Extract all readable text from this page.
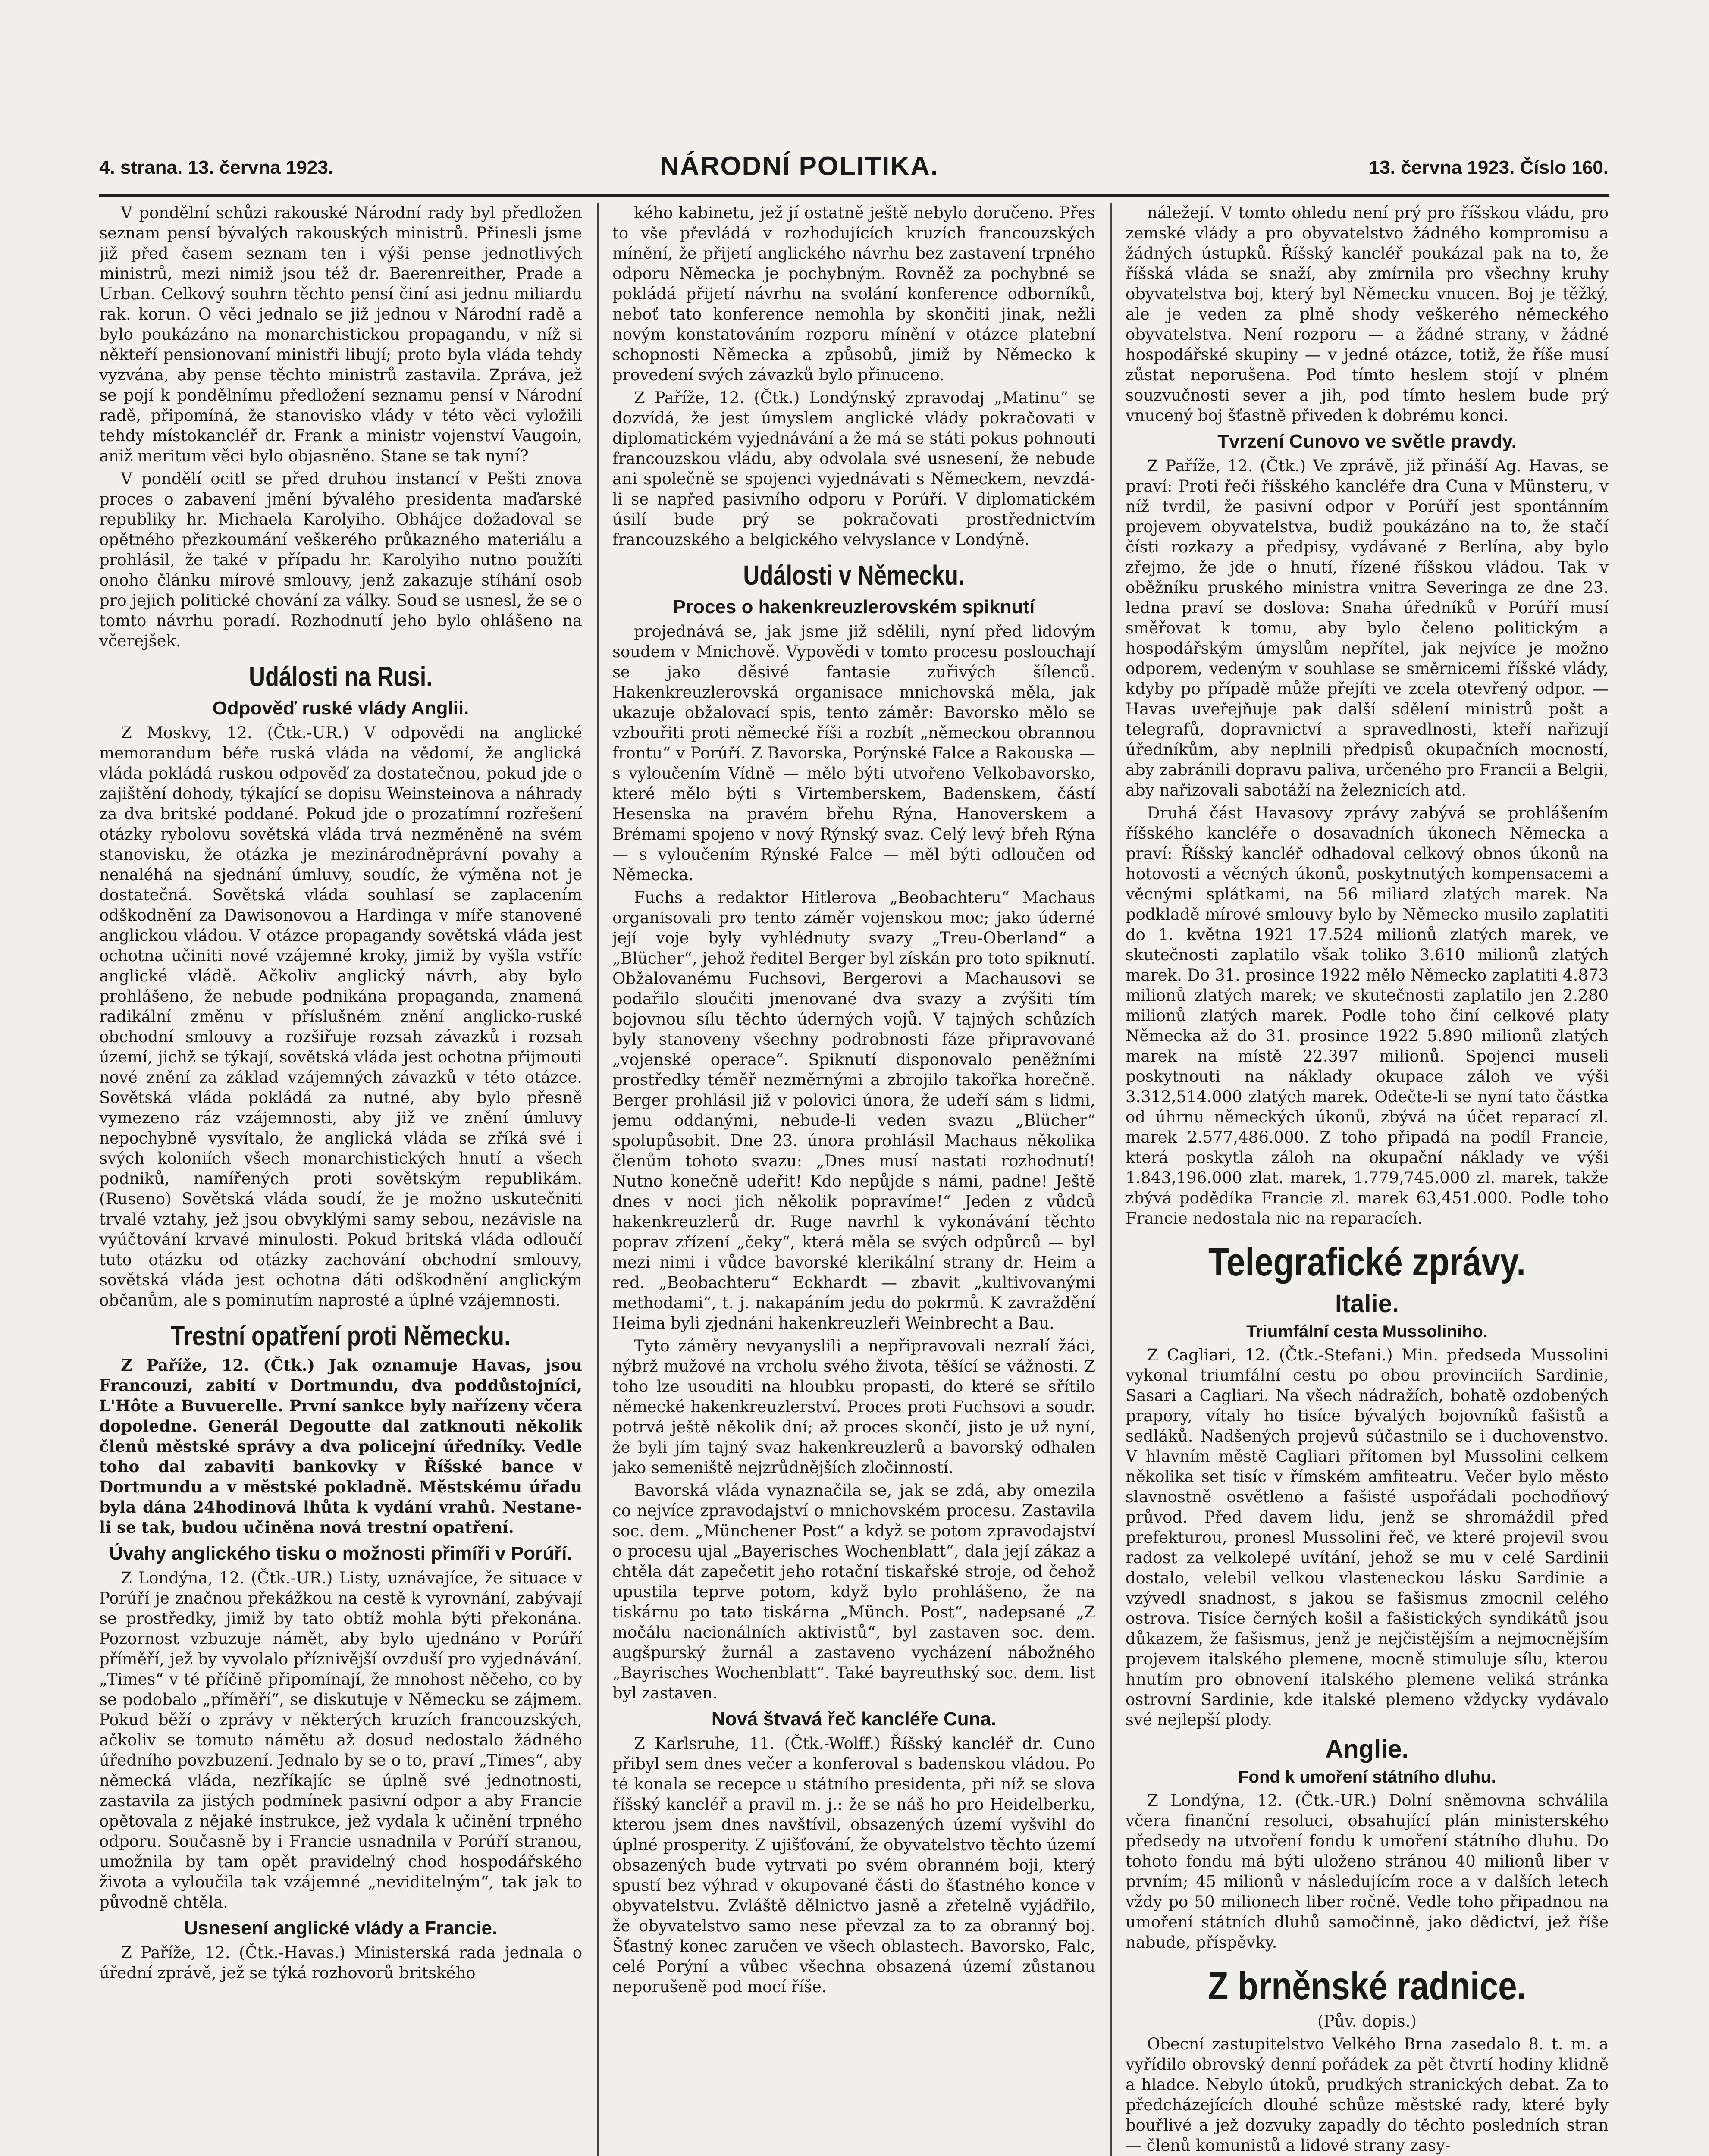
4. strana. 13. června 1923.	NÁRODNÍ POLITIKA.	13. června 1923. Číslo 160.

V pondělní schůzi rakouské Národní rady byl předložen seznam pensí bývalých rakouských ministrů. Přinesli jsme již před časem seznam ten i výši pense jednotlivých ministrů, mezi nimiž jsou též dr. Baerenreither, Prade a Urban. Celkový souhrn těchto pensí činí asi jednu miliardu rak. korun. O věci jednalo se již jednou v Národní radě a bylo poukázáno na monarchistickou propagandu, v níž si někteří pensionovaní ministři libují; proto byla vláda tehdy vyzvána, aby pense těchto ministrů zastavila. Zpráva, jež se pojí k pondělnímu předložení seznamu pensí v Národní radě, připomíná, že stanovisko vlády v této věci vyložili tehdy místokancléř dr. Frank a ministr vojenství Vaugoin, aniž meritum věci bylo objasněno. Stane se tak nyní?

V pondělí ocitl se před druhou instancí v Pešti znova proces o zabavení jmění bývalého presidenta maďarské republiky hr. Michaela Karolyiho. Obhájce dožadoval se opětného přezkoumání veškerého průkazného materiálu a prohlásil, že také v případu hr. Karolyiho nutno použíti onoho článku mírové smlouvy, jenž zakazuje stíhání osob pro jejich politické chování za války. Soud se usnesl, že se o tomto návrhu poradí. Rozhodnutí jeho bylo ohlášeno na včerejšek.

Události na Rusi.
Odpověď ruské vlády Anglii.

Z Moskvy, 12. (Čtk.-UR.) V odpovědi na anglické memorandum béře ruská vláda na vědomí, že anglická vláda pokládá ruskou odpověď za dostatečnou, pokud jde o zajištění dohody, týkající se dopisu Weinsteinova a náhrady za dva britské poddané. Pokud jde o prozatímní rozřešení otázky rybolovu sovětská vláda trvá nezměněně na svém stanovisku, že otázka je mezinárodněprávní povahy a nenaléhá na sjednání úmluvy, soudíc, že výměna not je dostatečná. Sovětská vláda souhlasí se zaplacením odškodnění za Dawisonovou a Hardinga v míře stanovené anglickou vládou. V otázce propagandy sovětská vláda jest ochotna učiniti nové vzájemné kroky, jimiž by vyšla vstříc anglické vládě. Ačkoliv anglický návrh, aby bylo prohlášeno, že nebude podnikána propaganda, znamená radikální změnu v příslušném znění anglicko-ruské obchodní smlouvy a rozšiřuje rozsah závazků i rozsah území, jichž se týkají, sovětská vláda jest ochotna přijmouti nové znění za základ vzájemných závazků v této otázce. Sovětská vláda pokládá za nutné, aby bylo přesně vymezeno ráz vzájemnosti, aby již ve znění úmluvy nepochybně vysvítalo, že anglická vláda se zříká své i svých koloniích všech monarchistických hnutí a všech podniků, namířených proti sovětským republikám. (Ruseno) Sovětská vláda soudí, že je možno uskutečniti trvalé vztahy, jež jsou obvyklými samy sebou, nezávisle na vyúčtování krvavé minulosti. Pokud britská vláda odloučí tuto otázku od otázky zachování obchodní smlouvy, sovětská vláda jest ochotna dáti odškodnění anglickým občanům, ale s pominutím naprosté a úplné vzájemnosti.

Trestní opatření proti Německu.

Z Paříže, 12. (Čtk.) Jak oznamuje Havas, jsou Francouzi, zabití v Dortmundu, dva poddůstojníci, L'Hôte a Buvuerelle. První sankce byly nařízeny včera dopoledne. Generál Degoutte dal zatknouti několik členů městské správy a dva policejní úředníky. Vedle toho dal zabaviti bankovky v Říšské bance v Dortmundu a v městské pokladně. Městskému úřadu byla dána 24hodinová lhůta k vydání vrahů. Nestane-li se tak, budou učiněna nová trestní opatření.

Úvahy anglického tisku o možnosti přimíři v Porúří.

Z Londýna, 12. (Čtk.-UR.) Listy, uznávajíce, že situace v Porúří je značnou překážkou na cestě k vyrovnání, zabývají se prostředky, jimiž by tato obtíž mohla býti překonána. Pozornost vzbuzuje námět, aby bylo ujednáno v Porúří příměří, jež by vyvolalo příznivější ovzduší pro vyjednávání. „Times“ v té příčině připomínají, že mnohost něčeho, co by se podobalo „příměří“, se diskutuje v Německu se zájmem. Pokud běží o zprávy v některých kruzích francouzských, ačkoliv se tomuto námětu až dosud nedostalo žádného úředního povzbuzení. Jednalo by se o to, praví „Times“, aby německá vláda, nezříkajíc se úplně své jednotnosti, zastavila za jistých podmínek pasivní odpor a aby Francie opětovala z nějaké instrukce, jež vydala k učinění trpného odporu. Současně by i Francie usnadnila v Porúří stranou, umožnila by tam opět pravidelný chod hospodářského života a vyloučila tak vzájemné „neviditelným“, tak jak to původně chtěla.

Usnesení anglické vlády a Francie.

Z Paříže, 12. (Čtk.-Havas.) Ministerská rada jednala o úřední zprávě, jež se týká rozhovorů britského

kého kabinetu, jež jí ostatně ještě nebylo doručeno. Přes to vše převládá v rozhodujících kruzích francouzských mínění, že přijetí anglického návrhu bez zastavení trpného odporu Německa je pochybným. Rovněž za pochybné se pokládá přijetí návrhu na svolání konference odborníků, neboť tato konference nemohla by skončiti jinak, nežli novým konstatováním rozporu mínění v otázce platební schopnosti Německa a způsobů, jimiž by Německo k provedení svých závazků bylo přinuceno.

Z Paříže, 12. (Čtk.) Londýnský zpravodaj „Matinu“ se dozvídá, že jest úmyslem anglické vlády pokračovati v diplomatickém vyjednávání a že má se státi pokus pohnouti francouzskou vládu, aby odvolala své usnesení, že nebude ani společně se spojenci vyjednávati s Německem, nevzdá-li se napřed pasivního odporu v Porúří. V diplomatickém úsilí bude prý se pokračovati prostřednictvím francouzského a belgického velvyslance v Londýně.

Události v Německu.
Proces o hakenkreuzlerovském spiknutí

projednává se, jak jsme již sdělili, nyní před lidovým soudem v Mnichově. Vypovědi v tomto procesu poslouchají se jako děsivé fantasie zuřivých šílenců. Hakenkreuzlerovská organisace mnichovská měla, jak ukazuje obžalovací spis, tento záměr: Bavorsko mělo se vzbouřiti proti německé říši a rozbít „německou obrannou frontu“ v Porúří. Z Bavorska, Porýnské Falce a Rakouska — s vyloučením Vídně — mělo býti utvořeno Velkobavorsko, které mělo býti s Virtemberskem, Badenskem, částí Hesenska na pravém břehu Rýna, Hanoverskem a Brémami spojeno v nový Rýnský svaz. Celý levý břeh Rýna — s vyloučením Rýnské Falce — měl býti odloučen od Německa.

Fuchs a redaktor Hitlerova „Beobachteru“ Machaus organisovali pro tento záměr vojenskou moc; jako úderné její voje byly vyhlédnuty svazy „Treu-Oberland“ a „Blücher“, jehož ředitel Berger byl získán pro toto spiknutí. Obžalovanému Fuchsovi, Bergerovi a Machausovi se podařilo sloučiti jmenované dva svazy a zvýšiti tím bojovnou sílu těchto úderných vojů. V tajných schůzích byly stanoveny všechny podrobnosti fáze připravované „vojenské operace“. Spiknutí disponovalo peněžními prostředky téměř nezměrnými a zbrojilo takořka horečně. Berger prohlásil již v polovici února, že udeří sám s lidmi, jemu oddanými, nebude-li veden svazu „Blücher“ spolupůsobit. Dne 23. února prohlásil Machaus několika členům tohoto svazu: „Dnes musí nastati rozhodnutí! Nutno konečně udeřit! Kdo nepůjde s námi, padne! Ještě dnes v noci jich několik popravíme!“ Jeden z vůdců hakenkreuzlerů dr. Ruge navrhl k vykonávání těchto poprav zřízení „čeky“, která měla se svých odpůrců — byl mezi nimi i vůdce bavorské klerikální strany dr. Heim a red. „Beobachteru“ Eckhardt — zbavit „kultivovanými methodami“, t. j. nakapáním jedu do pokrmů. K zavraždění Heima byli zjednáni hakenkreuzleři Weinbrecht a Bau.

Tyto záměry nevyanyslili a nepřipravovali nezralí žáci, nýbrž mužové na vrcholu svého života, těšící se vážnosti. Z toho lze usouditi na hloubku propasti, do které se sřítilo německé hakenkreuzlerství. Proces proti Fuchsovi a soudr. potrvá ještě několik dní; až proces skončí, jisto je už nyní, že byli jím tajný svaz hakenkreuzlerů a bavorský odhalen jako semeniště nejzrůdnějších zločinností.

Bavorská vláda vynaznačila se, jak se zdá, aby omezila co nejvíce zpravodajství o mnichovském procesu. Zastavila soc. dem. „Münchener Post“ a když se potom zpravodajství o procesu ujal „Bayerisches Wochenblatt“, dala její zákaz a chtěla dát zapečetit jeho rotační tiskařské stroje, od čehož upustila teprve potom, když bylo prohlášeno, že na tiskárnu po tato tiskárna „Münch. Post“, nadepsané „Z močálu nacionálních aktivistů“, byl zastaven soc. dem. augšpurský žurnál a zastaveno vycházení nábožného „Bayrisches Wochenblatt“. Také bayreuthský soc. dem. list byl zastaven.

Nová štvavá řeč kancléře Cuna.

Z Karlsruhe, 11. (Čtk.-Wolff.) Říšský kancléř dr. Cuno přibyl sem dnes večer a konferoval s badenskou vládou. Po té konala se recepce u státního presidenta, při níž se slova říšský kancléř a pravil m. j.: že se náš ho pro Heidelberku, kterou jsem dnes navštívil, obsazených území vyšvihl do úplné prosperity. Z ujišťování, že obyvatelstvo těchto území obsazených bude vytrvati po svém obranném boji, který spustí bez výhrad v okupované části do šťastného konce v obyvatelstvu. Zvláště dělnictvo jasně a zřetelně vyjádřilo, že obyvatelstvo samo nese převzal za to za obranný boj. Šťastný konec zaručen ve všech oblastech. Bavorsko, Falc, celé Porýní a vůbec všechna obsazená území zůstanou neporušeně pod mocí říše.

náležejí. V tomto ohledu není prý pro říšskou vládu, pro zemské vlády a pro obyvatelstvo žádného kompromisu a žádných ústupků. Říšský kancléř poukázal pak na to, že říšská vláda se snaží, aby zmírnila pro všechny kruhy obyvatelstva boj, který byl Německu vnucen. Boj je těžký, ale je veden za plně shody veškerého německého obyvatelstva. Není rozporu — a žádné strany, v žádné hospodářské skupiny — v jedné otázce, totiž, že říše musí zůstat neporušena. Pod tímto heslem stojí v plném souzvučnosti sever a jih, pod tímto heslem bude prý vnucený boj šťastně přiveden k dobrému konci.

Tvrzení Cunovo ve světle pravdy.

Z Paříže, 12. (Čtk.) Ve zprávě, již přináší Ag. Havas, se praví: Proti řeči říšského kancléře dra Cuna v Münsteru, v níž tvrdil, že pasivní odpor v Porúří jest spontánním projevem obyvatelstva, budiž poukázáno na to, že stačí čísti rozkazy a předpisy, vydávané z Berlína, aby bylo zřejmo, že jde o hnutí, řízené říšskou vládou. Tak v oběžníku pruského ministra vnitra Severinga ze dne 23. ledna praví se doslova: Snaha úředníků v Porúří musí směřovat k tomu, aby bylo čeleno politickým a hospodářským úmyslům nepřítel, jak nejvíce je možno odporem, vedeným v souhlase se směrnicemi říšské vlády, kdyby po případě může přejíti ve zcela otevřený odpor. — Havas uveřejňuje pak další sdělení ministrů pošt a telegrafů, dopravnictví a spravedlnosti, kteří nařizují úředníkům, aby neplnili předpisů okupačních mocností, aby zabránili dopravu paliva, určeného pro Francii a Belgii, aby nařizovali sabotáží na železnicích atd.

Druhá část Havasovy zprávy zabývá se prohlášením říšského kancléře o dosavadních úkonech Německa a praví: Říšský kancléř odhadoval celkový obnos úkonů na hotovosti a věcných úkonů, poskytnutých kompensacemi a věcnými splátkami, na 56 miliard zlatých marek. Na podkladě mírové smlouvy bylo by Německo musilo zaplatiti do 1. května 1921 17.524 milionů zlatých marek, ve skutečnosti zaplatilo však toliko 3.610 milionů zlatých marek. Do 31. prosince 1922 mělo Německo zaplatiti 4.873 milionů zlatých marek; ve skutečnosti zaplatilo jen 2.280 milionů zlatých marek. Podle toho činí celkové platy Německa až do 31. prosince 1922 5.890 milionů zlatých marek na místě 22.397 milionů. Spojenci museli poskytnouti na náklady okupace záloh ve výši 3.312,514.000 zlatých marek. Odečte-li se nyní tato částka od úhrnu německých úkonů, zbývá na účet reparací zl. marek 2.577,486.000. Z toho připadá na podíl Francie, která poskytla záloh na okupační náklady ve výši 1.843,196.000 zlat. marek, 1.779,745.000 zl. marek, takže zbývá podědíka Francie zl. marek 63,451.000. Podle toho Francie nedostala nic na reparacích.

Telegrafické zprávy.
Italie.
Triumfální cesta Mussoliniho.

Z Cagliari, 12. (Čtk.-Stefani.) Min. předseda Mussolini vykonal triumfální cestu po obou provinciích Sardinie, Sasari a Cagliari. Na všech nádražích, bohatě ozdobených prapory, vítaly ho tisíce bývalých bojovníků fašistů a sedláků. Nadšených projevů súčastnilo se i duchovenstvo. V hlavním městě Cagliari přítomen byl Mussolini celkem několika set tisíc v římském amfiteatru. Večer bylo město slavnostně osvětleno a fašisté uspořádali pochodňový průvod. Před davem lidu, jenž se shromáždil před prefekturou, pronesl Mussolini řeč, ve které projevil svou radost za velkolepé uvítání, jehož se mu v celé Sardinii dostalo, velebil velkou vlasteneckou lásku Sardinie a vzývedl snadnost, s jakou se fašismus zmocnil celého ostrova. Tisíce černých košil a fašistických syndikátů jsou důkazem, že fašismus, jenž je nejčistějším a nejmocnějším projevem italského plemene, mocně stimuluje sílu, kterou hnutím pro obnovení italského plemene veliká stránka ostrovní Sardinie, kde italské plemeno vždycky vydávalo své nejlepší plody.

Anglie.
Fond k umoření státního dluhu.

Z Londýna, 12. (Čtk.-UR.) Dolní sněmovna schválila včera finanční resoluci, obsahující plán ministerského předsedy na utvoření fondu k umoření státního dluhu. Do tohoto fondu má býti uloženo stránou 40 milionů liber v prvním; 45 milionů v následujícím roce a v dalších letech vždy po 50 milionech liber ročně. Vedle toho připadnou na umoření státních dluhů samočinně, jako dědictví, jež říše nabude, příspěvky.

Z brněnské radnice.
(Pův. dopis.)

Obecní zastupitelstvo Velkého Brna zasedalo 8. t. m. a vyřídilo obrovský denní pořádek za pět čtvrtí hodiny klidně a hladce. Nebylo útoků, prudkých stranických debat. Za to předcházejících dlouhé schůze městské rady, které byly bouřlivé a jež dozvuky zapadly do těchto posledních stran — členů komunistů a lidové strany zasy-
